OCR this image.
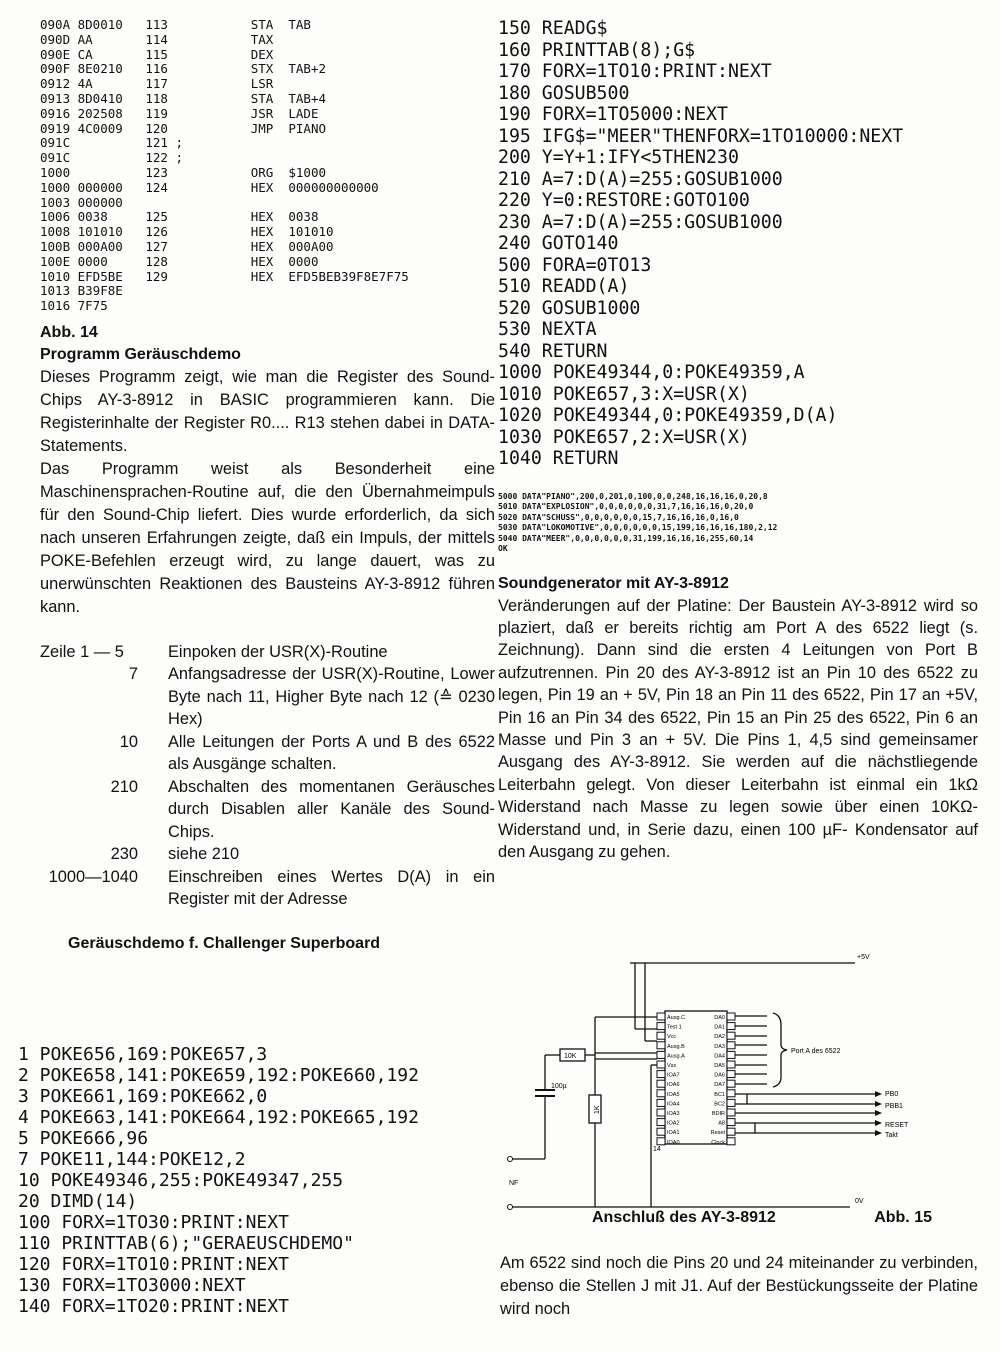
090A 8D0010   113           STA  TAB
090D AA       114           TAX
090E CA       115           DEX
090F 8E0210   116           STX  TAB+2
0912 4A       117           LSR
0913 8D0410   118           STA  TAB+4
0916 202508   119           JSR  LADE
0919 4C0009   120           JMP  PIANO
091C	121 ;
091C	122 ;
1000	123           ORG  $1000
1000 000000   124           HEX  000000000000
1003 000000
1006 0038     125           HEX  0038
1008 101010   126           HEX  101010
100B 000A00   127           HEX  000A00
100E 0000     128           HEX  0000
1010 EFD5BE   129           HEX  EFD5BEB39F8E7F75
1013 B39F8E
1016 7F75
Abb. 14
Programm Geräuschdemo

Dieses Programm zeigt, wie man die Register des Sound-Chips AY-3-8912 in BASIC programmieren kann. Die Registerinhalte der Register R0.... R13 stehen dabei in DATA-Statements.

Das Programm weist als Besonderheit eine Maschinensprachen-Routine auf, die den Übernahmeimpuls für den Sound-Chip liefert. Dies wurde erforderlich, da sich nach unseren Erfahrungen zeigte, daß ein Impuls, der mittels POKE-Befehlen erzeugt wird, zu lange dauert, was zu unerwünschten Reaktionen des Bausteins AY-3-8912 führen kann.

Zeile 1 — 5	Einpoken der USR(X)-Routine
7	Anfangsadresse der USR(X)-Routine, Lower Byte nach 11, Higher Byte nach 12 (≙ 0230 Hex)
10	Alle Leitungen der Ports A und B des 6522 als Ausgänge schalten.
210	Abschalten des momentanen Geräusches durch Disablen aller Kanäle des Sound-Chips.
230	siehe 210
1000—1040	Einschreiben eines Wertes D(A) in ein Register mit der Adresse
Geräuschdemo f. Challenger Superboard
1 POKE656,169:POKE657,3
2 POKE658,141:POKE659,192:POKE660,192
3 POKE661,169:POKE662,0
4 POKE663,141:POKE664,192:POKE665,192
5 POKE666,96
7 POKE11,144:POKE12,2
10 POKE49346,255:POKE49347,255
20 DIMD(14)
100 FORX=1TO30:PRINT:NEXT
110 PRINTTAB(6);"GERAEUSCHDEMO"
120 FORX=1TO10:PRINT:NEXT
130 FORX=1TO3000:NEXT
140 FORX=1TO20:PRINT:NEXT
150 READG$
160 PRINTTAB(8);G$
170 FORX=1TO10:PRINT:NEXT
180 GOSUB500
190 FORX=1TO5000:NEXT
195 IFG$="MEER"THENFORX=1TO10000:NEXT
200 Y=Y+1:IFY<5THEN230
210 A=7:D(A)=255:GOSUB1000
220 Y=0:RESTORE:GOTO100
230 A=7:D(A)=255:GOSUB1000
240 GOTO140
500 FORA=0TO13
510 READD(A)
520 GOSUB1000
530 NEXTA
540 RETURN
1000 POKE49344,0:POKE49359,A
1010 POKE657,3:X=USR(X)
1020 POKE49344,0:POKE49359,D(A)
1030 POKE657,2:X=USR(X)
1040 RETURN
5000 DATA"PIANO",200,0,201,0,100,0,0,248,16,16,16,0,20,8
5010 DATA"EXPLOSION",0,0,0,0,0,0,31,7,16,16,16,0,20,0
5020 DATA"SCHUSS",0,0,0,0,0,0,15,7,16,16,16,0,16,0
5030 DATA"LOKOMOTIVE",0,0,0,0,0,0,15,199,16,16,16,180,2,12
5040 DATA"MEER",0,0,0,0,0,0,31,199,16,16,16,255,60,14
OK
Soundgenerator mit AY-3-8912

Veränderungen auf der Platine: Der Baustein AY-3-8912 wird so plaziert, daß er bereits richtig am Port A des 6522 liegt (s. Zeichnung). Dann sind die ersten 4 Leitungen von Port B aufzutrennen. Pin 20 des AY-3-8912 ist an Pin 10 des 6522 zu legen, Pin 19 an + 5V, Pin 18 an Pin 11 des 6522, Pin 17 an +5V, Pin 16 an Pin 34 des 6522, Pin 15 an Pin 25 des 6522, Pin 6 an Masse und Pin 3 an + 5V. Die Pins 1, 4,5 sind gemeinsamer Ausgang des AY-3-8912. Sie werden auf die nächstliegende Leiterbahn gelegt. Von dieser Leiterbahn ist einmal ein 1kΩ Widerstand nach Masse zu legen sowie über einen 10KΩ-Widerstand und, in Serie dazu, einen 100 µF- Kondensator auf den Ausgang zu gehen.

Ausg.C
Test 1
Vcc
Ausg.B
Ausg.A
Vss
IOA7
IOA6
IOA5
IOA4
IOA3
IOA2
IOA1
IOA0
DA0
DA1
DA2
DA3
DA4
DA5
DA6
DA7
BC1
BC2
BDIR
A8
Reset
Clock
+5V
0V
NF
10K
1K
100µ
Port A des 6522
PB0
PBB1
RESET
Takt
14
Anschluß des AY-3-8912	Abb. 15

Am 6522 sind noch die Pins 20 und 24 miteinander zu verbinden, ebenso die Stellen J mit J1. Auf der Bestückungsseite der Platine wird noch
